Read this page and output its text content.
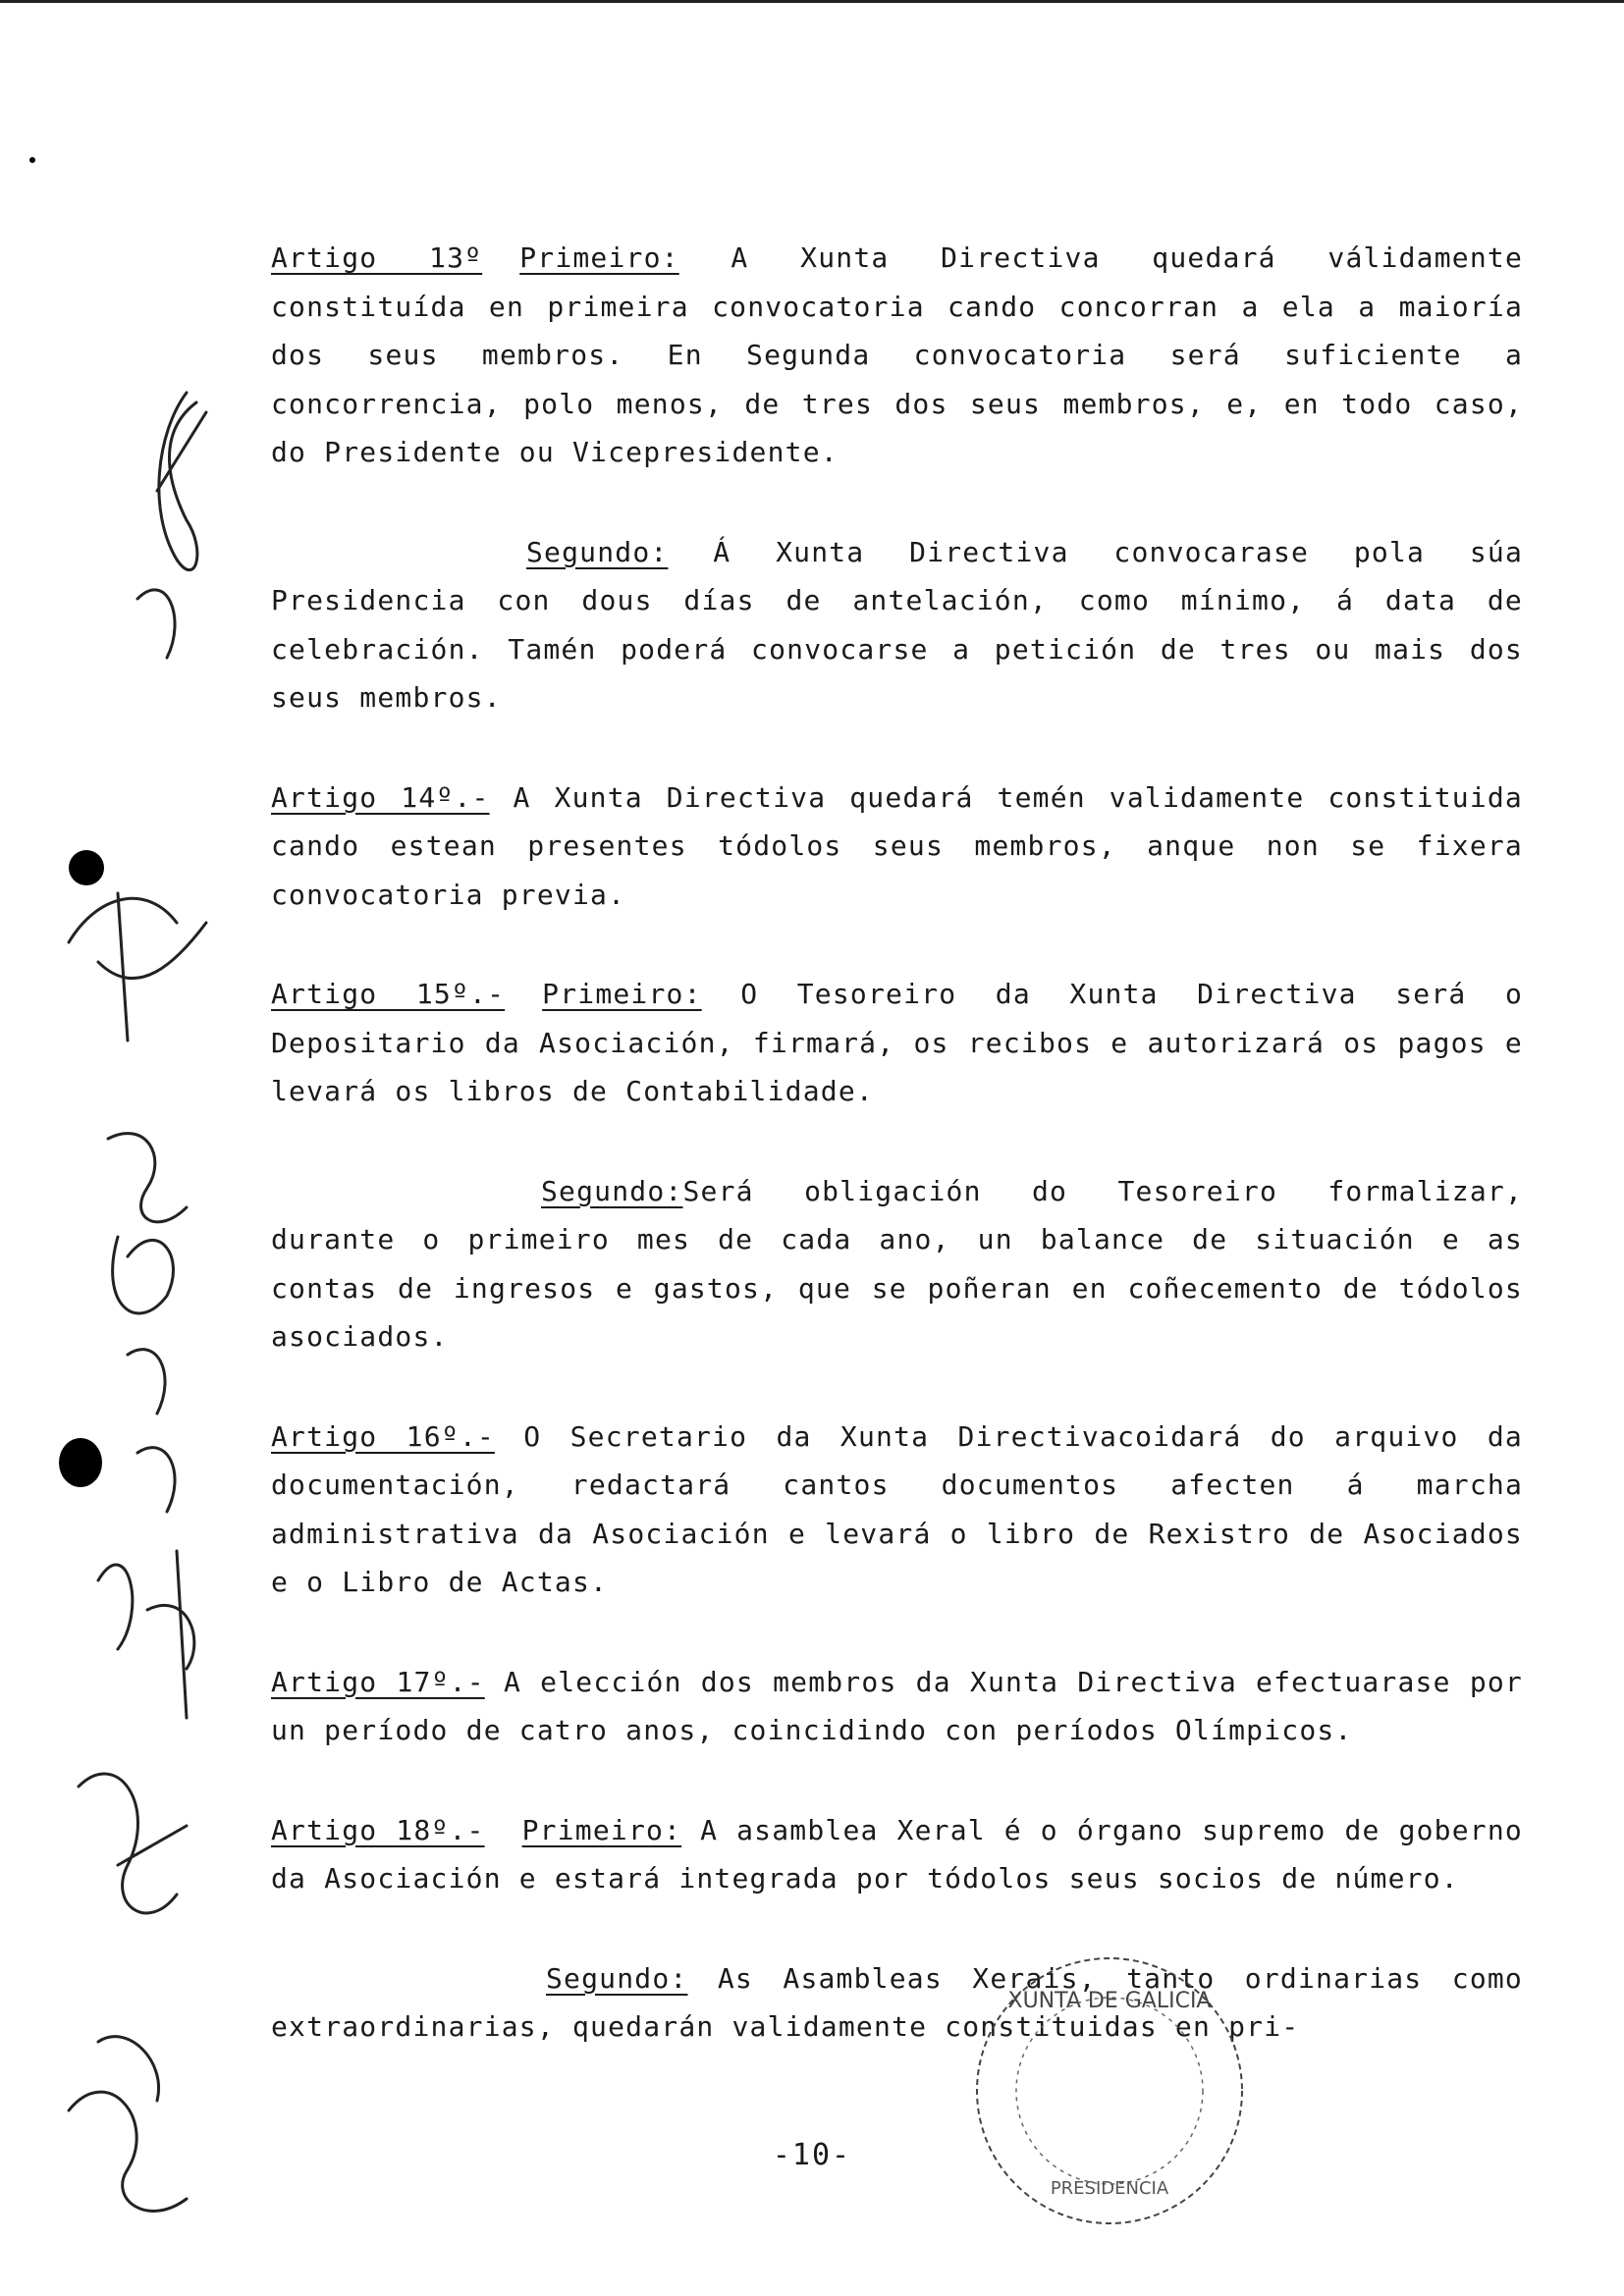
Artigo 13º Primeiro: A Xunta Directiva quedará válidamente constituída en primeira convocatoria cando concorran a ela a maioría dos seus membros. En Segunda convocatoria será suficiente a concorrencia, polo menos, de tres dos seus membros, e, en todo caso, do Presidente ou Vicepresidente.

Segundo: Á Xunta Directiva convocarase pola súa Presidencia con dous días de antelación, como mínimo, á data de celebración. Tamén poderá convocarse a petición de tres ou mais dos seus membros.

Artigo 14º.- A Xunta Directiva quedará temén validamente constituida cando estean presentes tódolos seus membros, anque non se fixera convocatoria previa.

Artigo 15º.- Primeiro: O Tesoreiro da Xunta Directiva será o Depositario da Asociación, firmará, os recibos e autorizará os pagos e levará os libros de Contabilidade.

Segundo:Será obligación do Tesoreiro formalizar, durante o primeiro mes de cada ano, un balance de situación e as contas de ingresos e gastos, que se poñeran en coñecemento de tódolos asociados.

Artigo 16º.- O Secretario da Xunta Directivacoidará do arquivo da documentación, redactará cantos documentos afecten á marcha administrativa da Asociación e levará o libro de Rexistro de Asociados e o Libro de Actas.

Artigo 17º.- A elección dos membros da Xunta Directiva efectuarase por un período de catro anos, coincidindo con períodos Olímpicos.

Artigo 18º.- Primeiro: A asamblea Xeral é o órgano supremo de goberno da Asociación e estará integrada por tódolos seus socios de número.

Segundo: As Asambleas Xerais, tanto ordinarias como extraordinarias, quedarán validamente constituidas en pri-

-10-
XUNTA DE GALICIA
PRESIDENCIA
